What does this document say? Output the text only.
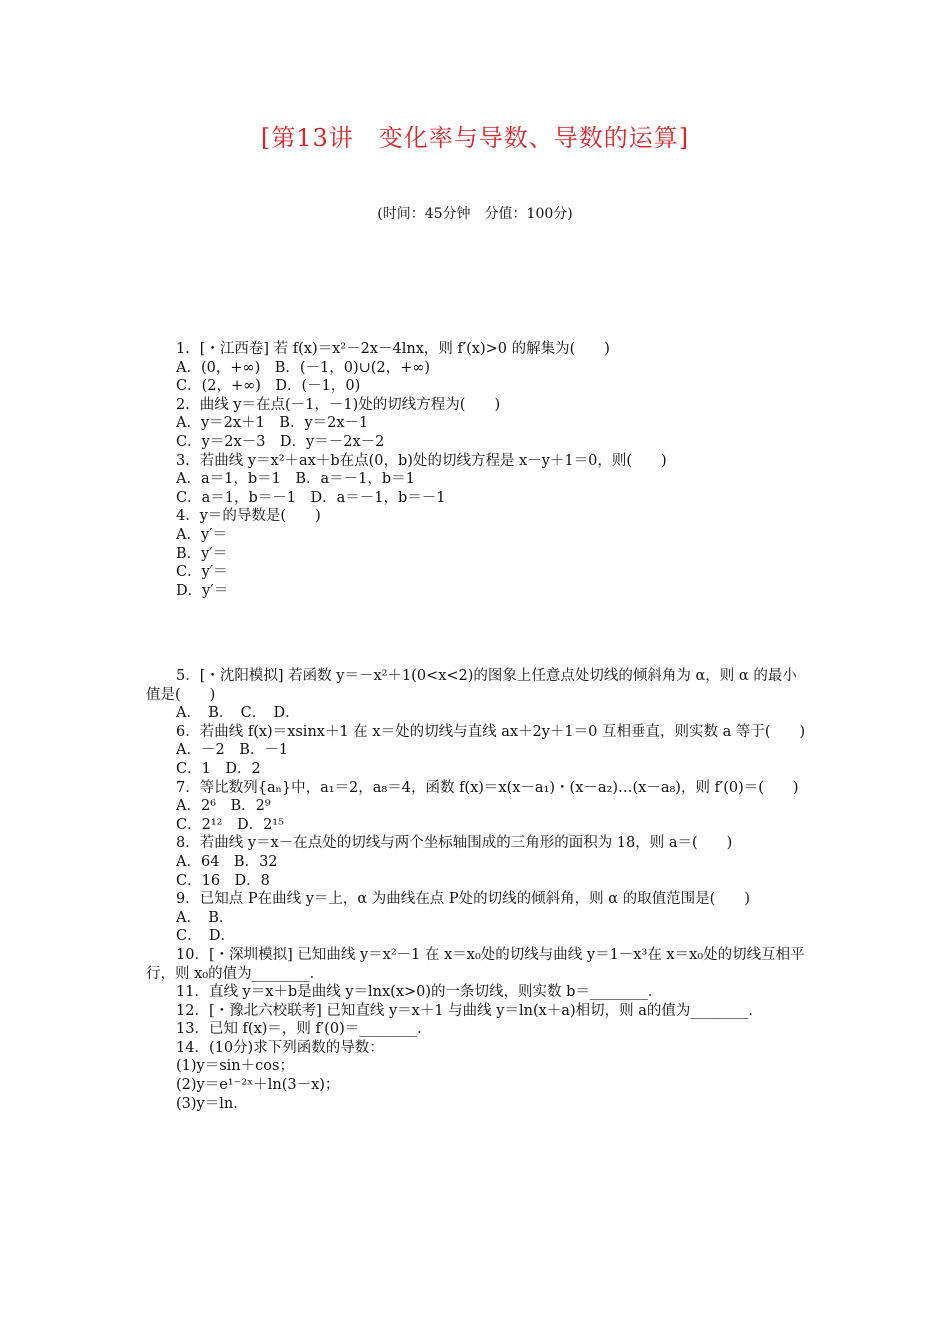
[第13讲　变化率与导数、导数的运算]
(时间：45分钟　分值：100分)
1．[・江西卷] 若 f(x)＝x²－2x－4lnx，则 f′(x)>0 的解集为(　　)
A．(0，+∞)　B．(－1，0)∪(2，+∞)
C．(2，+∞)　D．(－1，0)
2．曲线 y＝在点(－1，－1)处的切线方程为(　　)
A．y＝2x＋1　B．y＝2x－1
C．y＝2x－3　D．y＝－2x－2
3．若曲线 y＝x²＋ax＋b在点(0，b)处的切线方程是 x－y＋1＝0，则(　　)
A．a＝1，b＝1　B．a＝－1，b＝1
C．a＝1，b＝－1　D．a＝－1，b＝－1
4．y＝的导数是(　　)
A．y′＝
B．y′＝
C．y′＝
D．y′＝
5．[・沈阳模拟] 若函数 y＝－x²＋1(0<x<2)的图象上任意点处切线的倾斜角为 α，则 α 的最小值是(　　)
A．　B．　C．　D．
6．若曲线 f(x)＝xsinx＋1 在 x＝处的切线与直线 ax＋2y＋1＝0 互相垂直，则实数 a 等于(　　)
A．－2　B．－1
C．1　D．2
7．等比数列{aₙ}中，a₁＝2，a₈＝4，函数 f(x)＝x(x－a₁)・(x－a₂)…(x－a₈)，则 f′(0)＝(　　)
A．2⁶　B．2⁹
C．2¹²　D．2¹⁵
8．若曲线 y＝x－在点处的切线与两个坐标轴围成的三角形的面积为 18，则 a＝(　　)
A．64　B．32
C．16　D．8
9．已知点 P在曲线 y＝上，α 为曲线在点 P处的切线的倾斜角，则 α 的取值范围是(　　)
A．　B．
C．　D．
10．[・深圳模拟] 已知曲线 y＝x²－1 在 x＝x₀处的切线与曲线 y＝1－x³在 x＝x₀处的切线互相平行，则 x₀的值为________．
11．直线 y＝x＋b是曲线 y＝lnx(x>0)的一条切线，则实数 b＝________．
12．[・豫北六校联考] 已知直线 y＝x＋1 与曲线 y＝ln(x＋a)相切，则 a的值为________．
13．已知 f(x)＝，则 f′(0)＝________．
14．(10分)求下列函数的导数：
(1)y＝sin＋cos；
(2)y＝e¹⁻²ˣ＋ln(3－x)；
(3)y＝ln.
